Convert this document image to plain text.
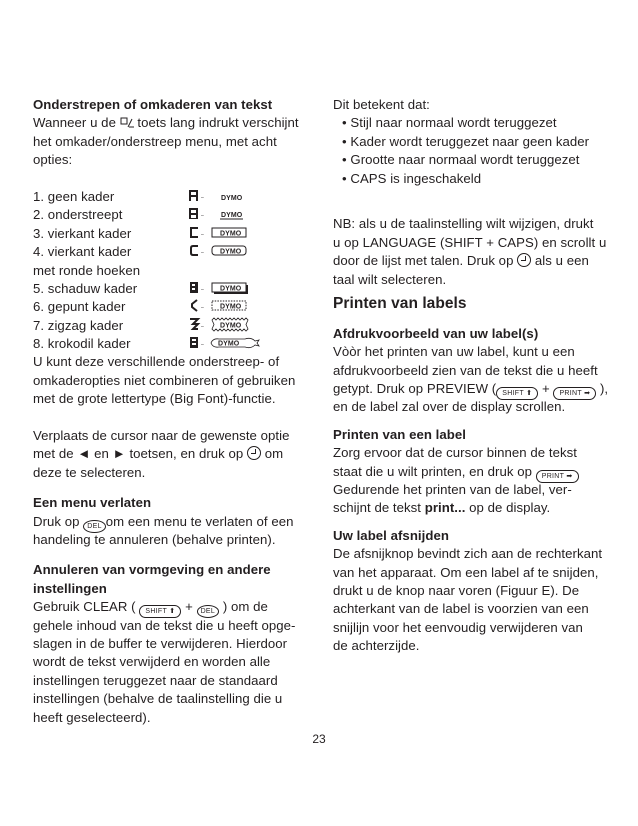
Onderstrepen of omkaderen van tekst
Wanneer u de toets lang indrukt verschijnt
het omkader/onderstreep menu, met acht
opties:
1. geen kader	– DYMO
2. onderstreept	– DYMO
3. vierkant kader	– DYMO
4. vierkant kader	– DYMO
met ronde hoeken
5. schaduw kader	– DYMO
6. gepunt kader	– DYMO
7. zigzag kader	– DYMO
8. krokodil kader	– DYMO
U kunt deze verschillende onderstreep- of
omkaderopties niet combineren of gebruiken
met de grote lettertype (Big Font)-functie.
Verplaats de cursor naar de gewenste optie
met de ◄ en ► toetsen, en druk op om
deze te selecteren.
Een menu verlaten
Druk op DEL om een menu te verlaten of een
handeling te annuleren (behalve printen).
Annuleren van vormgeving en andere
instellingen
Gebruik CLEAR ( SHIFT ⬆ + DEL ) om de
gehele inhoud van de tekst die u heeft opge-
slagen in de buffer te verwijderen. Hierdoor
wordt de tekst verwijderd en worden alle
instellingen teruggezet naar de standaard
instellingen (behalve de taalinstelling die u
heeft geselecteerd).
Dit betekent dat:
• Stijl naar normaal wordt teruggezet
• Kader wordt teruggezet naar geen kader
• Grootte naar normaal wordt teruggezet
• CAPS is ingeschakeld
NB: als u de taalinstelling wilt wijzigen, drukt
u op LANGUAGE (SHIFT + CAPS) en scrollt u
door de lijst met talen. Druk op als u een
taal wilt selecteren.
Printen van labels
Afdrukvoorbeeld van uw label(s)
Vòòr het printen van uw label, kunt u een
afdrukvoorbeeld zien van de tekst die u heeft
getypt. Druk op PREVIEW ( SHIFT ⬆ + PRINT ➡ ),
en de label zal over de display scrollen.
Printen van een label
Zorg ervoor dat de cursor binnen de tekst
staat die u wilt printen, en druk op PRINT ➡
Gedurende het printen van de label, ver-
schijnt de tekst print... op de display.
Uw label afsnijden
De afsnijknop bevindt zich aan de rechterkant
van het apparaat. Om een label af te snijden,
drukt u de knop naar voren (Figuur E). De
achterkant van de label is voorzien van een
snijlijn voor het eenvoudig verwijderen van
de achterzijde.
23
